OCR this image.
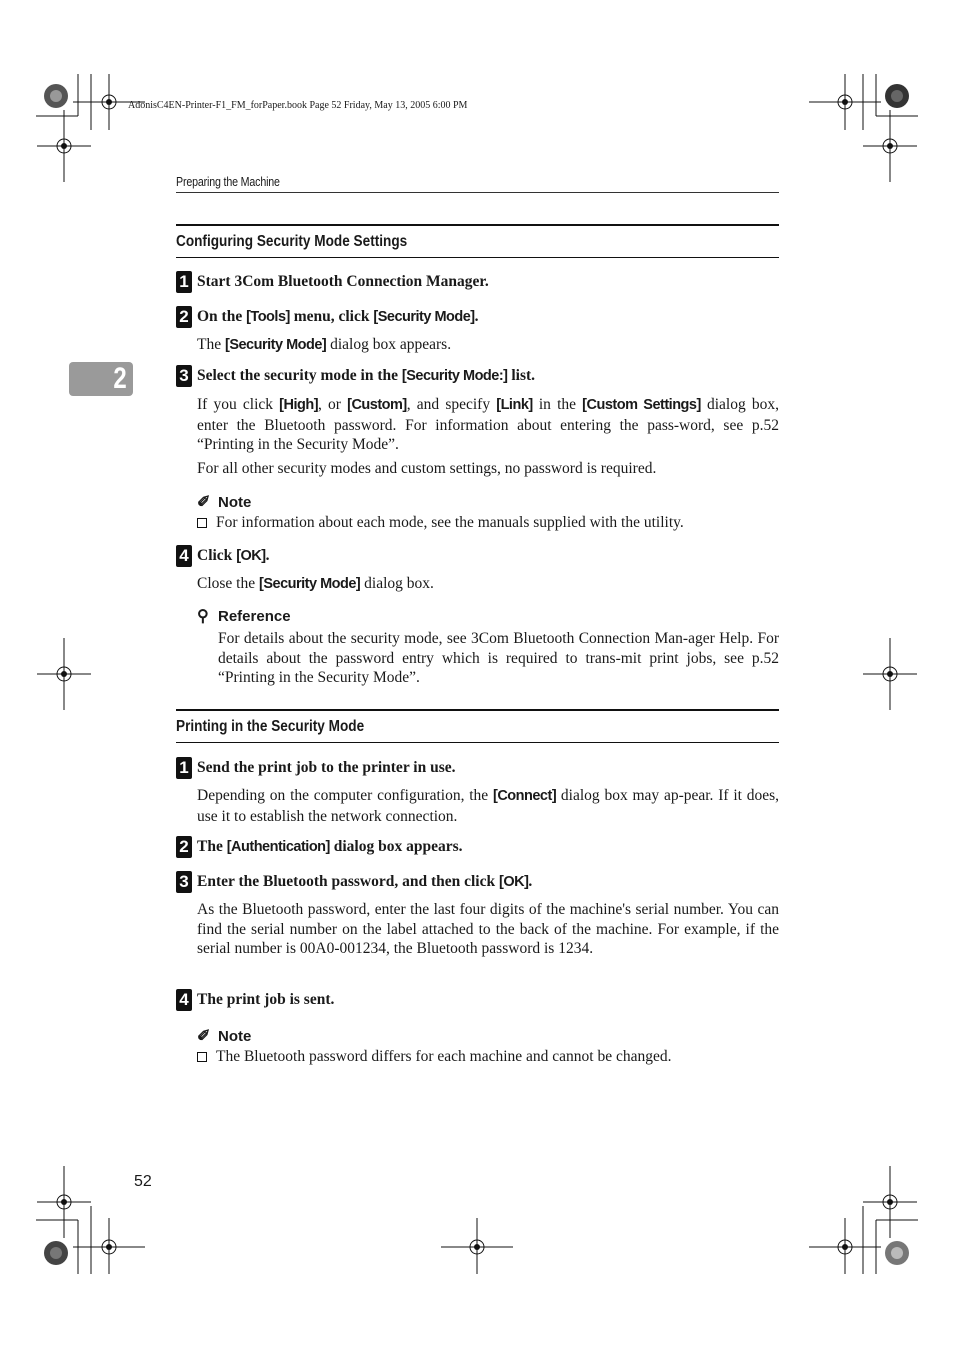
AdonisC4EN-Printer-F1_FM_forPaper.book Page 52 Friday, May 13, 2005 6:00 PM
Preparing the Machine
2
Configuring Security Mode Settings
1 Start 3Com Bluetooth Connection Manager.
2 On the [Tools] menu, click [Security Mode].
The [Security Mode] dialog box appears.
3 Select the security mode in the [Security Mode:] list.
If you click [High], or [Custom], and specify [Link] in the [Custom Settings] dialog box, enter the Bluetooth password. For information about entering the pass-word, see p.52 “Printing in the Security Mode”.
For all other security modes and custom settings, no password is required.
✐ Note
For information about each mode, see the manuals supplied with the utility.
4 Click [OK].
Close the [Security Mode] dialog box.
⚲ Reference
For details about the security mode, see 3Com Bluetooth Connection Man-ager Help. For details about the password entry which is required to trans-mit print jobs, see p.52 “Printing in the Security Mode”.
Printing in the Security Mode
1 Send the print job to the printer in use.
Depending on the computer configuration, the [Connect] dialog box may ap-pear. If it does, use it to establish the network connection.
2 The [Authentication] dialog box appears.
3 Enter the Bluetooth password, and then click [OK].
As the Bluetooth password, enter the last four digits of the machine's serial number. You can find the serial number on the label attached to the back of the machine. For example, if the serial number is 00A0-001234, the Bluetooth password is 1234.
4 The print job is sent.
✐ Note
The Bluetooth password differs for each machine and cannot be changed.
52
